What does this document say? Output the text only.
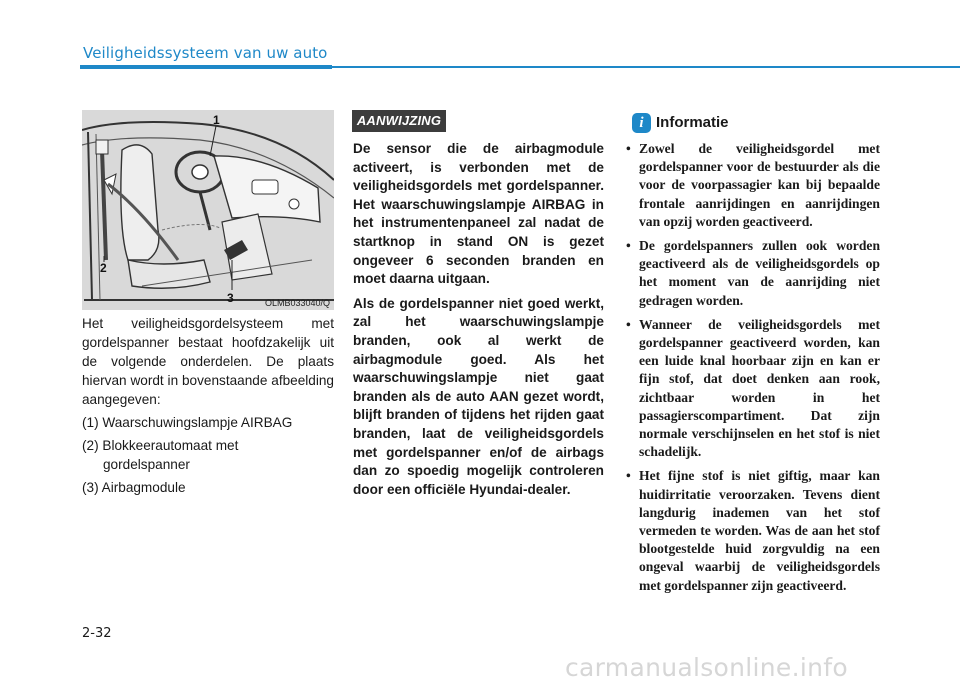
Veiligheidssysteem van uw auto
1
2
3	OLMB033040/Q

Het veiligheidsgordelsysteem met gordelspanner bestaat hoofdzakelijk uit de volgende onderdelen. De plaats hiervan wordt in bovenstaande afbeelding aangegeven:

(1) Waarschuwingslampje AIRBAG
(2) Blokkeerautomaat met
gordelspanner
(3) Airbagmodule
AANWIJZING

De sensor die de airbagmodule activeert, is verbonden met de veiligheidsgordels met gordelspanner. Het waarschuwingslampje AIRBAG in het instrumentenpaneel zal nadat de startknop in stand ON is gezet ongeveer 6 seconden branden en moet daarna uitgaan.

Als de gordelspanner niet goed werkt, zal het waarschuwingslampje branden, ook al werkt de airbagmodule goed. Als het waarschuwingslampje niet gaat branden als de auto AAN gezet wordt, blijft branden of tijdens het rijden gaat branden, laat de veiligheidsgordels met gordelspanner en/of de airbags dan zo spoedig mogelijk controleren door een officiële Hyundai-dealer.

i Informatie
• Zowel de veiligheidsgordel met gordelspanner voor de bestuurder als die voor de voorpassagier kan bij bepaalde frontale aanrijdingen en aanrijdingen van opzij worden geactiveerd.
• De gordelspanners zullen ook worden geactiveerd als de veiligheidsgordels op het moment van de aanrijding niet gedragen worden.
• Wanneer de veiligheidsgordels met gordelspanner geactiveerd worden, kan een luide knal hoorbaar zijn en kan er fijn stof, dat doet denken aan rook, zichtbaar worden in het passagierscompartiment. Dat zijn normale verschijnselen en het stof is niet schadelijk.
• Het fijne stof is niet giftig, maar kan huidirritatie veroorzaken. Tevens dient langdurig inademen van het stof vermeden te worden. Was de aan het stof blootgestelde huid zorgvuldig na een ongeval waarbij de veiligheidsgordels met gordelspanner zijn geactiveerd.
2-32
carmanualsonline.info
